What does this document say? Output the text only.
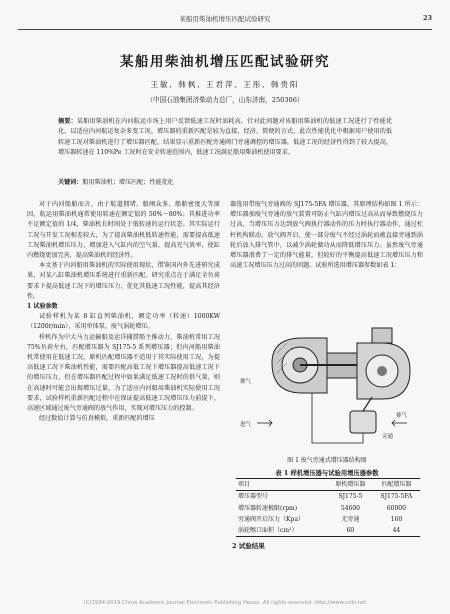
某船用柴油机增压匹配试验研究	23
某船用柴油机增压匹配试验研究
王敏, 韩枫, 王君萍, 王彤, 韩贵阳
（中国石油集团济柴动力总厂，山东济南，250306）
摘要：某船用柴油机在内河航运市场上用户反馈低速工况时油耗高，针对此问题对该船用柴油机的低速工况进行了性能优化，以适应内河航运复杂多变工况。增压器的重新匹配是较为直接、经济、简便的方式，此次性能优化中根据用户使用的低转速工况对柴油机进行了增压器匹配，结果显示重新匹配旁通阀门旁通调控的增压器，低速工况的经济性得到了较大提高，增压器转速在 110%Pe 工况时在安全转速范围内，低速工况满足船用柴油机使用要求。
关键词：船用柴油机；增压匹配；性能优化

对于内河船舶而言，由于航道拥堵、船闸众多、船舶密度大等原因，航运用柴油机通常使用转速在额定值的 50%～80%；其推进功率不足额定值的 1/4，柴油机长时间处于低转速的运行状态。其实际运行工况与开发工况相差较大，为了提高柴油机低转速性能，需要提高低速工况柴油机增压压力，增加进入气缸内的空气量，提高充气效率，使缸内燃烧更加完善，提高柴油机的经济性。

本文基于内河船用柴油机的实际使用现状，借鉴国内外先进研究成果，对某八缸柴油机增压系统进行重新匹配。研究重点在于满足全负荷要求下提高低速工况下的增压压力，优化其低速工况性能，提高其经济性。

1 试验参数

试验样机为某 8 缸直列柴油机，额定功率（转速）1000KW（1200r/min），采用单体泵，废气涡轮增压。

样机作为中大马力运输船及运洋捕捞船主推动力，柴油机常用工况 75%负荷左右，匹配增压器为 SJ175-5 系列增压器；但内河船用柴油机常使用在低速工况，原机匹配增压器不适用于其实际使用工况，为提高低速工况下柴油机性能，需要匹配高低工况下增压器提高低速工况下的增压压力，但在增压器匹配过程中如果满足低速工况时的供气量，则在高速时可能会出现增压过量，为了适应内河船用柴油机实际使用工况要求，试验样机重新匹配过程中在保证提高低速工况增压压力前提下，高速区域通过废气旁通阀的放气作用，实现对增压压力的控制。

经过数值计算与仿真模拟，重新匹配的增压

器选用带废气旁通阀的 SJ175-5FA 增压器，其原理结构如图 1 所示：增压器加废气旁通的放气装置可防止气缸内增压过高从而导致燃烧压力过高，当增压压力达到放气阀执行器动作的压力时执行器动作，通过杠杆机构联动，放气阀开启，使一部分废气不经过涡轮而被直接旁通到涡轮后放入排气管中，以减少涡轮做功从而降低增压压力。虽然废气旁通增压器浪费了一定的排气能量，但较好的平衡提高低速工况增压压力和高速工况增压压力过高的问题。试验所选用增压器参数如表 1：

排气
进气
排气
旁通
图 1 废气旁通式增压器结构图
表 1 样机增压器与试验用增压器参数
项目	原机增压器	匹配增压器
增压器型号	SJ175-5	SJ175-5FA
增压器转速极限(rpm)	54600	60000
旁通阀开启压力（Kpa）	无旁通	160
涡轮喉口面积（cm²）	60	44
2 试验结果
(C)1994-2019 China Academic Journal Electronic Publishing House. All rights reserved. http://www.cnki.net
